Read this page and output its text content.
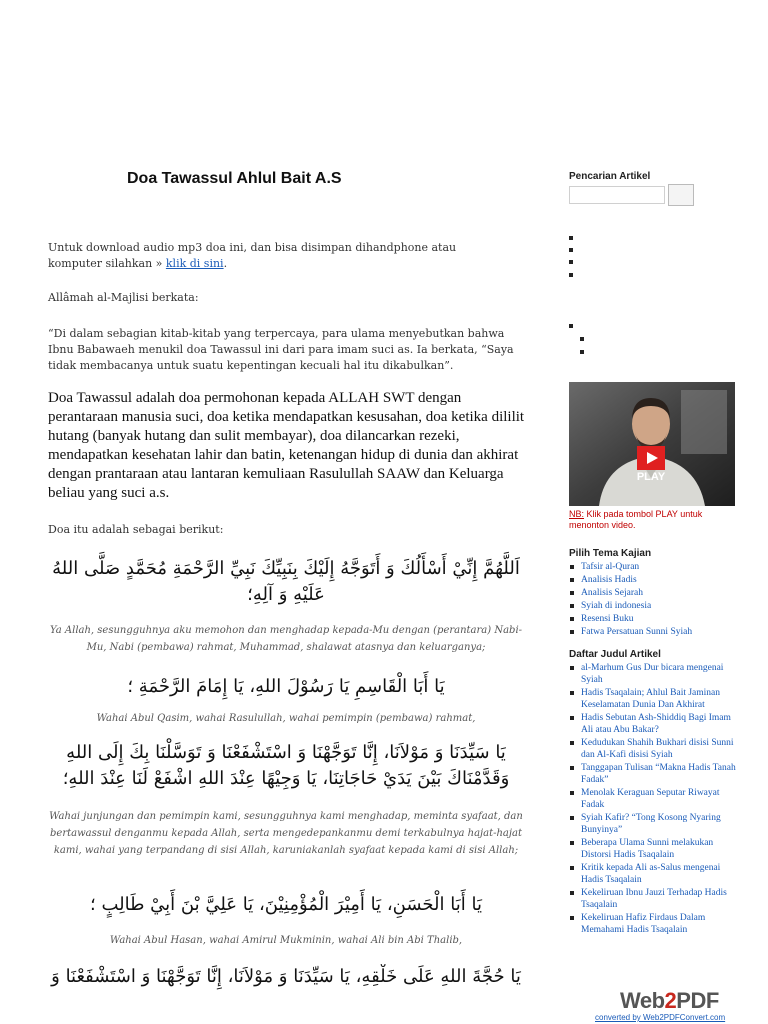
Doa Tawassul Ahlul Bait A.S

Untuk download audio mp3 doa ini, dan bisa disimpan dihandphone atau komputer silahkan » klik di sini.

Allâmah al-Majlisi berkata:

“Di dalam sebagian kitab-kitab yang terpercaya, para ulama menyebutkan bahwa Ibnu Babawaeh menukil doa Tawassul ini dari para imam suci as. Ia berkata, “Saya tidak membacanya untuk suatu kepentingan kecuali hal itu dikabulkan”.

Doa Tawassul adalah doa permohonan kepada ALLAH SWT dengan perantaraan manusia suci, doa ketika mendapatkan kesusahan, doa ketika dililit hutang (banyak hutang dan sulit membayar), doa dilancarkan rezeki, mendapatkan kesehatan lahir dan batin, ketenangan hidup di dunia dan akhirat dengan prantaraan atau lantaran kemuliaan Rasulullah SAAW dan Keluarga beliau yang suci a.s.

Doa itu adalah sebagai berikut:

اَللَّهُمَّ إِنِّيْ أَسْأَلُكَ وَ أَتَوَجَّهُ إِلَيْكَ بِنَبِيِّكَ نَبِيِّ الرَّحْمَةِ مُحَمَّدٍ صَلَّى اللهُ عَلَيْهِ وَ آلِهِ؛

Ya Allah, sesungguhnya aku memohon dan menghadap kepada-Mu dengan (perantara) Nabi-Mu, Nabi (pembawa) rahmat, Muhammad, shalawat atasnya dan keluarganya;

يَا أَبَا الْقَاسِمِ يَا رَسُوْلَ اللهِ، يَا إِمَامَ الرَّحْمَةِ ؛

Wahai Abul Qasim, wahai Rasulullah, wahai pemimpin (pembawa) rahmat,

يَا سَيِّدَنَا وَ مَوْلاَنَا، إِنَّا تَوَجَّهْنَا وَ اسْتَشْفَعْنَا وَ تَوَسَّلْنَا بِكَ إِلَى اللهِ وَقَدَّمْنَاكَ بَيْنَ يَدَيْ حَاجَاتِنَا، يَا وَجِيْهًا عِنْدَ اللهِ اشْفَعْ لَنَا عِنْدَ اللهِ؛

Wahai junjungan dan pemimpin kami, sesungguhnya kami menghadap, meminta syafaat, dan bertawassul denganmu kepada Allah, serta mengedepankanmu demi terkabulnya hajat-hajat kami, wahai yang terpandang di sisi Allah, karuniakanlah syafaat kepada kami di sisi Allah;

يَا أَبَا الْحَسَنِ، يَا أَمِيْرَ الْمُؤْمِنِيْنَ، يَا عَلِيَّ بْنَ أَبِيْ طَالِبٍ ؛

Wahai Abul Hasan, wahai Amirul Mukminin, wahai Ali bin Abi Thalib,

يَا حُجَّةَ اللهِ عَلَى خَلْقِهِ، يَا سَيِّدَنَا وَ مَوْلاَنَا، إِنَّا تَوَجَّهْنَا وَ اسْتَشْفَعْنَا وَ

Pencarian Artikel

PLAY
NB: Klik pada tombol PLAY untuk menonton video.

Pilih Tema Kajian

Tafsir al-Quran
Analisis Hadis
Analisis Sejarah
Syiah di indonesia
Resensi Buku
Fatwa Persatuan Sunni Syiah

Daftar Judul Artikel

al-Marhum Gus Dur bicara mengenai Syiah
Hadis Tsaqalain; Ahlul Bait Jaminan Keselamatan Dunia Dan Akhirat
Hadis Sebutan Ash-Shiddiq Bagi Imam Ali atau Abu Bakar?
Kedudukan Shahih Bukhari disisi Sunni dan Al-Kafi disisi Syiah
Tanggapan Tulisan “Makna Hadis Tanah Fadak”
Menolak Keraguan Seputar Riwayat Fadak
Syiah Kafir? “Tong Kosong Nyaring Bunyinya”
Beberapa Ulama Sunni melakukan Distorsi Hadis Tsaqalain
Kritik kepada Ali as-Salus mengenai Hadis Tsaqalain
Kekeliruan Ibnu Jauzi Terhadap Hadis Tsaqalain
Kekeliruan Hafiz Firdaus Dalam Memahami Hadis Tsaqalain
Web2PDF
converted by Web2PDFConvert.com
